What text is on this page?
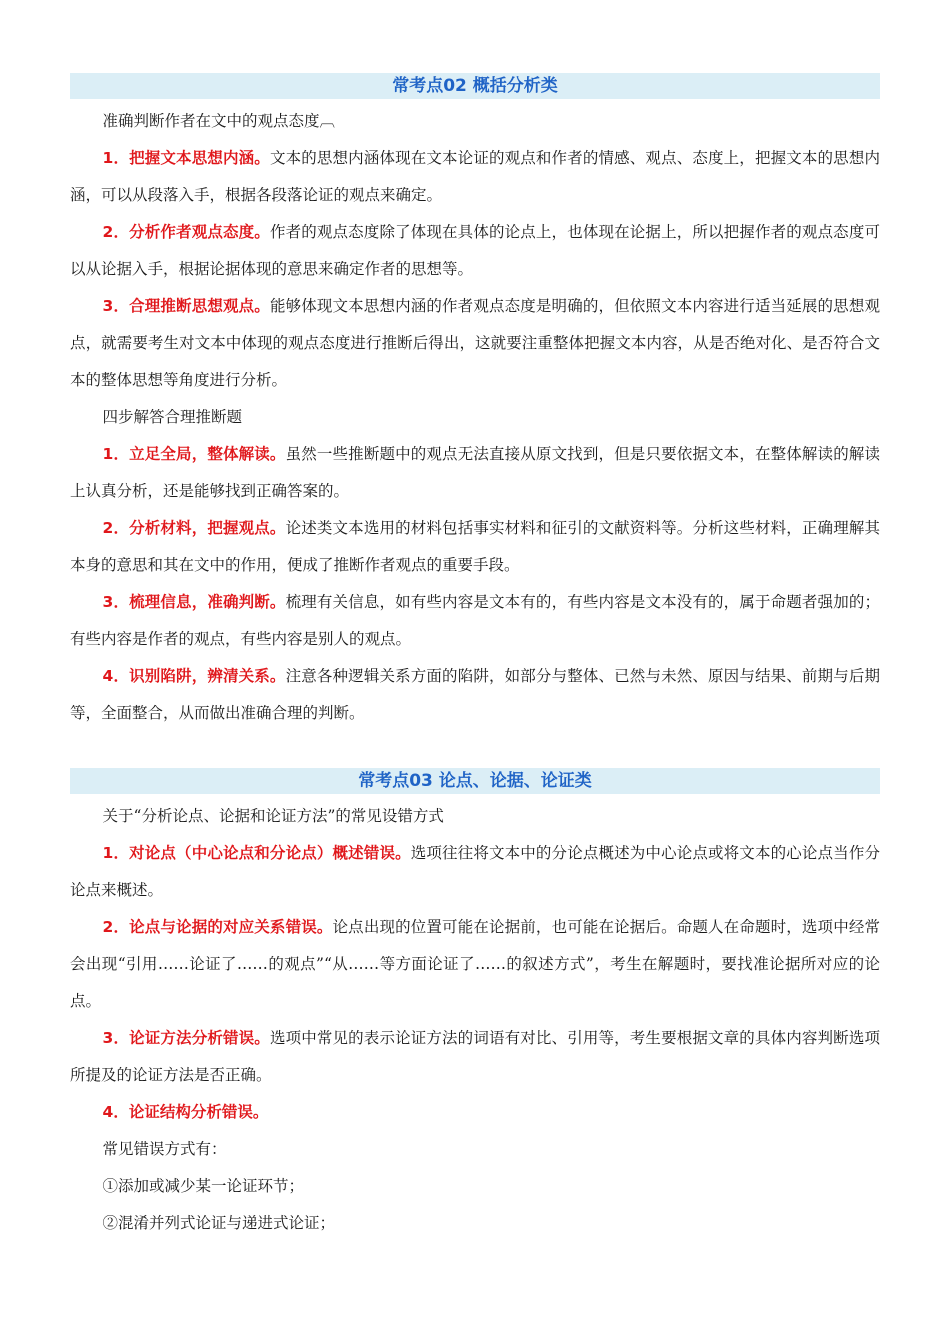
常考点02 概括分析类

准确判断作者在文中的观点态度︹

1．把握文本思想内涵。文本的思想内涵体现在文本论证的观点和作者的情感、观点、态度上，把握文本的思想内涵，可以从段落入手，根据各段落论证的观点来确定。

2．分析作者观点态度。作者的观点态度除了体现在具体的论点上，也体现在论据上，所以把握作者的观点态度可以从论据入手，根据论据体现的意思来确定作者的思想等。

3．合理推断思想观点。能够体现文本思想内涵的作者观点态度是明确的，但依照文本内容进行适当延展的思想观点，就需要考生对文本中体现的观点态度进行推断后得出，这就要注重整体把握文本内容，从是否绝对化、是否符合文本的整体思想等角度进行分析。

四步解答合理推断题

1．立足全局，整体解读。虽然一些推断题中的观点无法直接从原文找到，但是只要依据文本，在整体解读的解读上认真分析，还是能够找到正确答案的。

2．分析材料，把握观点。论述类文本选用的材料包括事实材料和征引的文献资料等。分析这些材料，正确理解其本身的意思和其在文中的作用，便成了推断作者观点的重要手段。

3．梳理信息，准确判断。梳理有关信息，如有些内容是文本有的，有些内容是文本没有的，属于命题者强加的；有些内容是作者的观点，有些内容是别人的观点。

4．识别陷阱，辨清关系。注意各种逻辑关系方面的陷阱，如部分与整体、已然与未然、原因与结果、前期与后期等，全面整合，从而做出准确合理的判断。

常考点03 论点、论据、论证类

关于“分析论点、论据和论证方法”的常见设错方式

1．对论点（中心论点和分论点）概述错误。选项往往将文本中的分论点概述为中心论点或将文本的心论点当作分论点来概述。

2．论点与论据的对应关系错误。论点出现的位置可能在论据前，也可能在论据后。命题人在命题时，选项中经常会出现“引用……论证了……的观点”“从……等方面论证了……的叙述方式”，考生在解题时，要找准论据所对应的论点。

3．论证方法分析错误。选项中常见的表示论证方法的词语有对比、引用等，考生要根据文章的具体内容判断选项所提及的论证方法是否正确。

4．论证结构分析错误。

常见错误方式有：

①添加或减少某一论证环节；

②混淆并列式论证与递进式论证；
